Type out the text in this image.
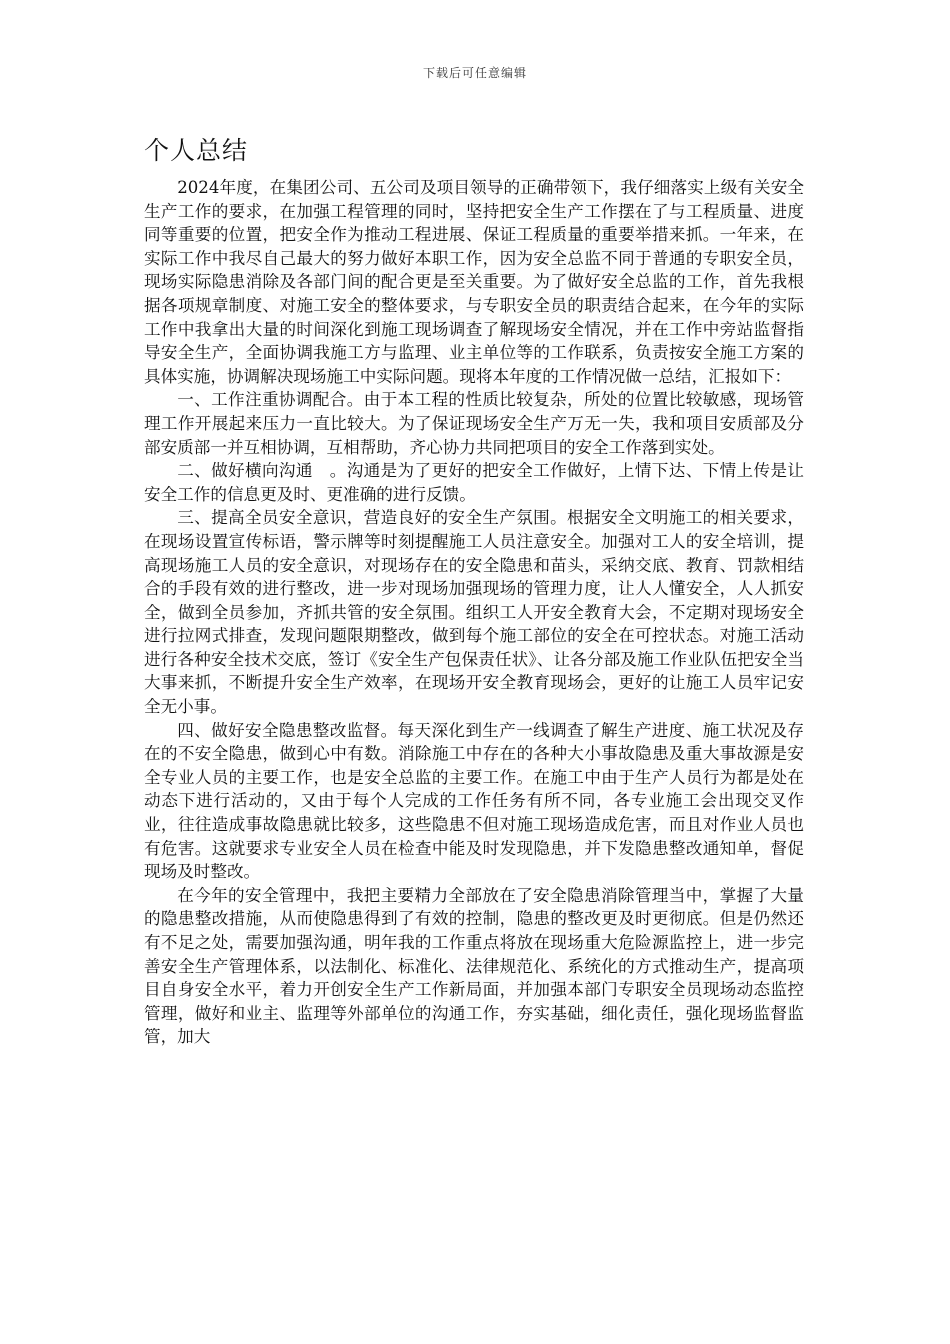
下载后可任意编辑
个人总结

2024年度，在集团公司、五公司及项目领导的正确带领下，我仔细落实上级有关安全生产工作的要求，在加强工程管理的同时，坚持把安全生产工作摆在了与工程质量、进度同等重要的位置，把安全作为推动工程进展、保证工程质量的重要举措来抓。一年来，在实际工作中我尽自己最大的努力做好本职工作，因为安全总监不同于普通的专职安全员，现场实际隐患消除及各部门间的配合更是至关重要。为了做好安全总监的工作，首先我根据各项规章制度、对施工安全的整体要求，与专职安全员的职责结合起来，在今年的实际工作中我拿出大量的时间深化到施工现场调查了解现场安全情况，并在工作中旁站监督指导安全生产，全面协调我施工方与监理、业主单位等的工作联系，负责按安全施工方案的具体实施，协调解决现场施工中实际问题。现将本年度的工作情况做一总结，汇报如下：

一、工作注重协调配合。由于本工程的性质比较复杂，所处的位置比较敏感，现场管理工作开展起来压力一直比较大。为了保证现场安全生产万无一失，我和项目安质部及分部安质部一并互相协调，互相帮助，齐心协力共同把项目的安全工作落到实处。

二、做好横向沟通　。沟通是为了更好的把安全工作做好，上情下达、下情上传是让安全工作的信息更及时、更准确的进行反馈。

三、提高全员安全意识，营造良好的安全生产氛围。根据安全文明施工的相关要求，在现场设置宣传标语，警示牌等时刻提醒施工人员注意安全。加强对工人的安全培训，提高现场施工人员的安全意识，对现场存在的安全隐患和苗头，采纳交底、教育、罚款相结合的手段有效的进行整改，进一步对现场加强现场的管理力度，让人人懂安全，人人抓安全，做到全员参加，齐抓共管的安全氛围。组织工人开安全教育大会，不定期对现场安全进行拉网式排查，发现问题限期整改，做到每个施工部位的安全在可控状态。对施工活动进行各种安全技术交底，签订《安全生产包保责任状》、让各分部及施工作业队伍把安全当大事来抓，不断提升安全生产效率，在现场开安全教育现场会，更好的让施工人员牢记安全无小事。

四、做好安全隐患整改监督。每天深化到生产一线调查了解生产进度、施工状况及存在的不安全隐患，做到心中有数。消除施工中存在的各种大小事故隐患及重大事故源是安全专业人员的主要工作，也是安全总监的主要工作。在施工中由于生产人员行为都是处在动态下进行活动的，又由于每个人完成的工作任务有所不同，各专业施工会出现交叉作业，往往造成事故隐患就比较多，这些隐患不但对施工现场造成危害，而且对作业人员也有危害。这就要求专业安全人员在检查中能及时发现隐患，并下发隐患整改通知单，督促现场及时整改。

在今年的安全管理中，我把主要精力全部放在了安全隐患消除管理当中，掌握了大量的隐患整改措施，从而使隐患得到了有效的控制，隐患的整改更及时更彻底。但是仍然还有不足之处，需要加强沟通，明年我的工作重点将放在现场重大危险源监控上，进一步完善安全生产管理体系，以法制化、标准化、法律规范化、系统化的方式推动生产，提高项目自身安全水平，着力开创安全生产工作新局面，并加强本部门专职安全员现场动态监控管理，做好和业主、监理等外部单位的沟通工作，夯实基础，细化责任，强化现场监督监管，加大
